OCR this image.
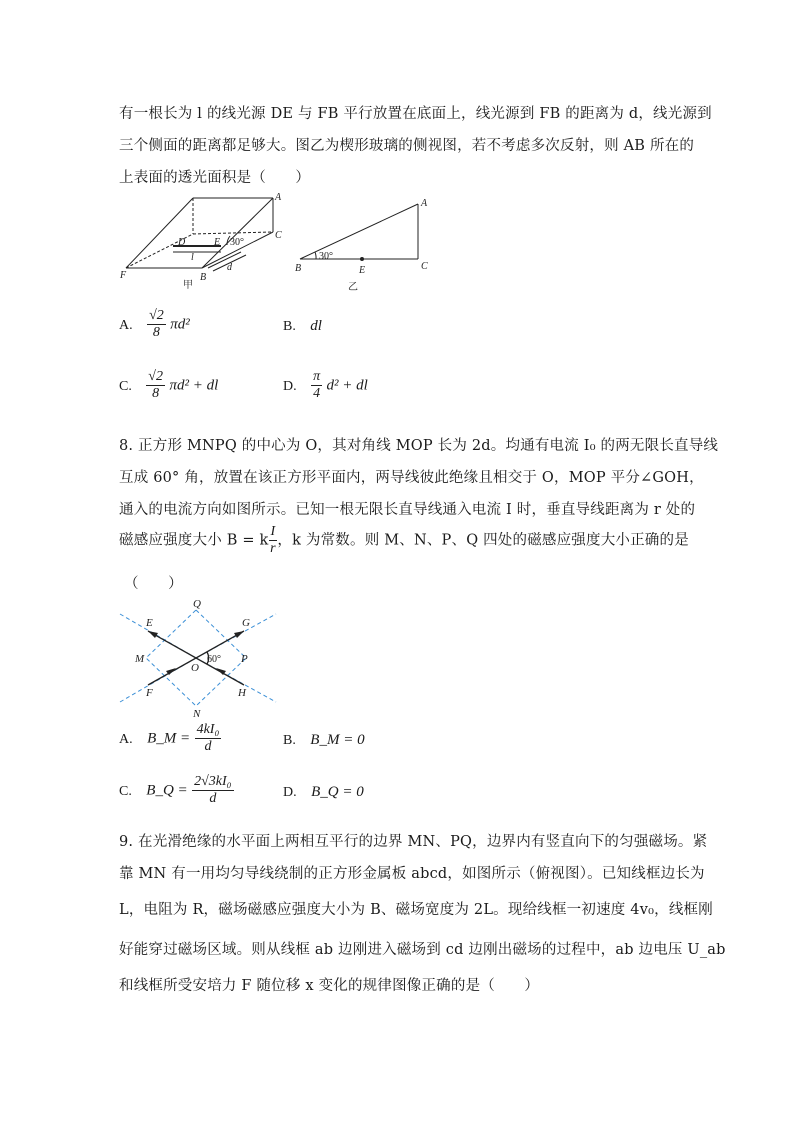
有一根长为 l 的线光源 DE 与 FB 平行放置在底面上，线光源到 FB 的距离为 d，线光源到
三个侧面的距离都足够大。图乙为楔形玻璃的侧视图，若不考虑多次反射，则 AB 所在的
上表面的透光面积是（　　）
A
C
D	E
F	B
l
d
30°
甲
A
B	C
E
30°
乙
A. $\frac{√2}{8} \pi d^2$	B. dl
C. $\frac{√2}{8} \pi d^2$ + dl	D. $\frac{\pi}{4} d^2$ + dl
8. 正方形 MNPQ 的中心为 O，其对角线 MOP 长为 2d。均通有电流 I₀ 的两无限长直导线
互成 60° 角，放置在该正方形平面内，两导线彼此绝缘且相交于 O，MOP 平分∠GOH，
通入的电流方向如图所示。已知一根无限长直导线通入电流 I 时，垂直导线距离为 r 处的
磁感应强度大小 B = k $\frac{I}{r}$ ，k 为常数。则 M、N、P、Q 四处的磁感应强度大小正确的是
（　　）
Q
E	G
M
O
P
F	H
N
60°
A. B_M = $\frac{\text{4kI₀}}{d}$	B. B_M = 0
C. B_Q = $\frac{\text{2√3kI₀}}{d}$	D. B_Q = 0
9. 在光滑绝缘的水平面上两相互平行的边界 MN、PQ，边界内有竖直向下的匀强磁场。紧
靠 MN 有一用均匀导线绕制的正方形金属板 abcd，如图所示（俯视图）。已知线框边长为
L，电阻为 R，磁场磁感应强度大小为 B、磁场宽度为 2L。现给线框一初速度 4v₀，线框刚
好能穿过磁场区域。则从线框 ab 边刚进入磁场到 cd 边刚出磁场的过程中，ab 边电压 U_ab
和线框所受安培力 F 随位移 x 变化的规律图像正确的是（　　）
